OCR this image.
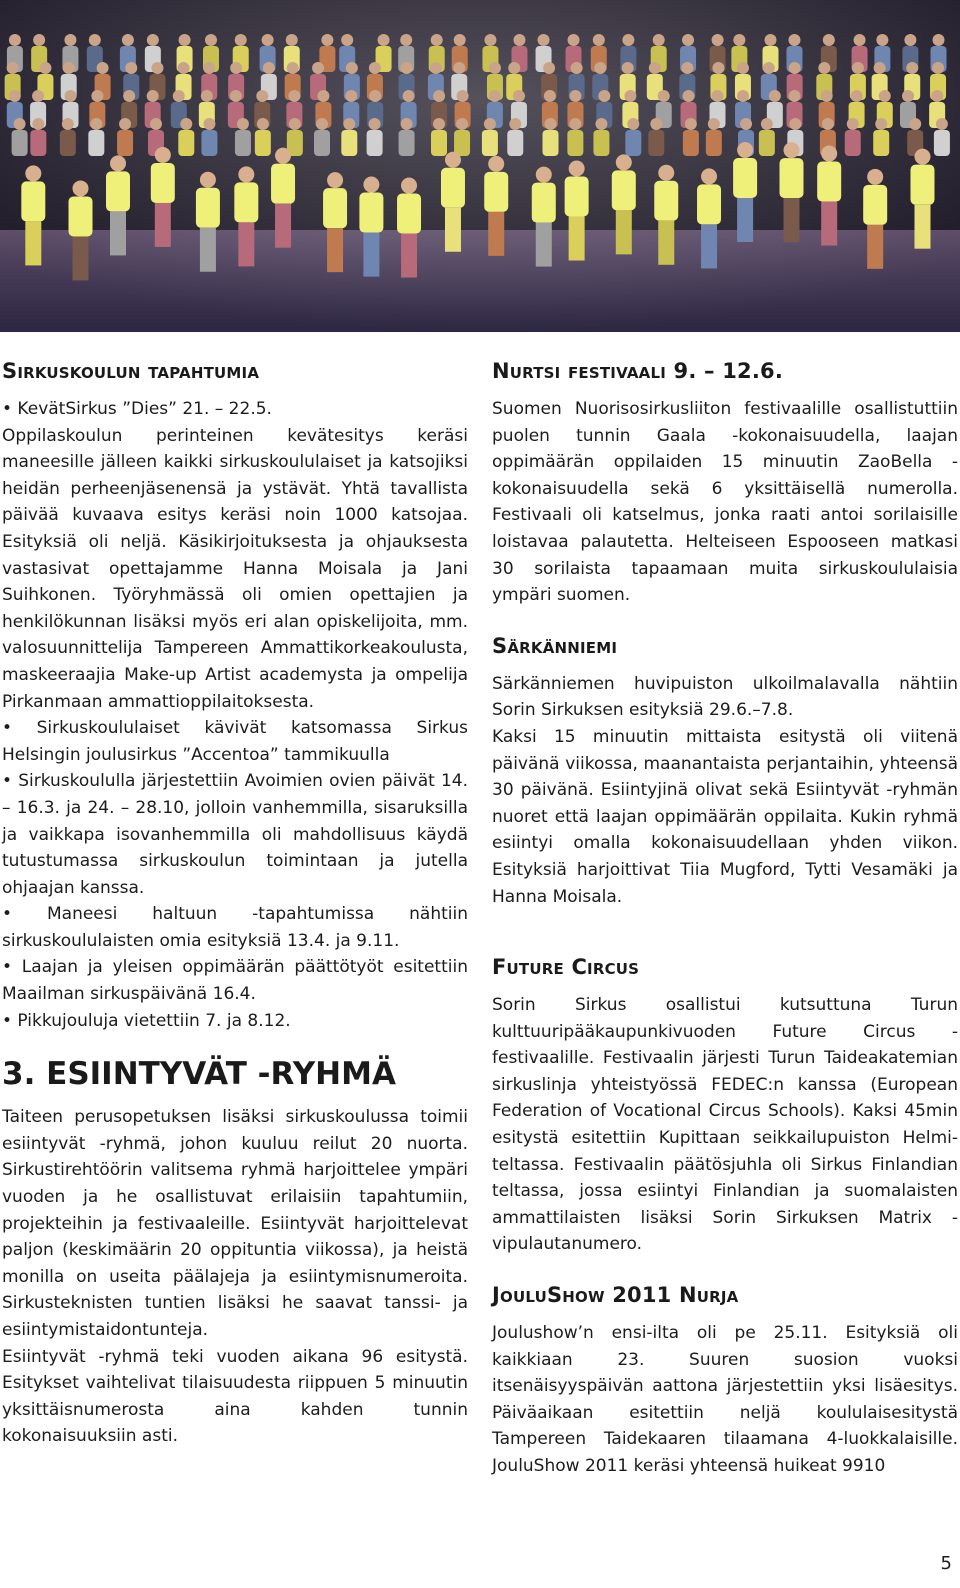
Sirkuskoulun tapahtumia

• KevätSirkus ”Dies” 21. – 22.5.

Oppilaskoulun perinteinen kevätesitys keräsi maneesille jälleen kaikki sirkuskoululaiset ja katsojiksi heidän perheenjäsenensä ja ystävät. Yhtä tavallista päivää kuvaava esitys keräsi noin 1000 katsojaa. Esityksiä oli neljä. Käsikirjoituksesta ja ohjauksesta vastasivat opettajamme Hanna Moisala ja Jani Suihkonen. Työryhmässä oli omien opettajien ja henkilökunnan lisäksi myös eri alan opiskelijoita, mm. valosuunnittelija Tampereen Ammattikorkeakoulusta, maskeeraajia Make-up Artist academysta ja ompelija Pirkanmaan ammattioppilaitoksesta.

• Sirkuskoululaiset kävivät katsomassa Sirkus Helsingin joulusirkus ”Accentoa” tammikuulla

• Sirkuskoululla järjestettiin Avoimien ovien päivät 14. – 16.3. ja 24. – 28.10, jolloin vanhemmilla, sisaruksilla ja vaikkapa isovanhemmilla oli mahdollisuus käydä tutustumassa sirkuskoulun toimintaan ja jutella ohjaajan kanssa.

• Maneesi haltuun -tapahtumissa nähtiin sirkuskoululaisten omia esityksiä 13.4. ja 9.11.

• Laajan ja yleisen oppimäärän päättötyöt esitettiin Maailman sirkuspäivänä 16.4.

• Pikkujouluja vietettiin 7. ja 8.12.

3. ESIINTYVÄT -RYHMÄ

Taiteen perusopetuksen lisäksi sirkuskoulussa toimii esiintyvät -ryhmä, johon kuuluu reilut 20 nuorta. Sirkustirehtöörin valitsema ryhmä harjoittelee ympäri vuoden ja he osallistuvat erilaisiin tapahtumiin, projekteihin ja festivaaleille. Esiintyvät harjoittelevat paljon (keskimäärin 20 oppituntia viikossa), ja heistä monilla on useita päälajeja ja esiintymisnumeroita. Sirkusteknisten tuntien lisäksi he saavat tanssi- ja esiintymistaidontunteja.

Esiintyvät -ryhmä teki vuoden aikana 96 esitystä. Esitykset vaihtelivat tilaisuudesta riippuen 5 minuutin yksittäisnumerosta aina kahden tunnin kokonaisuuksiin asti.

Nurtsi festivaali 9. – 12.6.

Suomen Nuorisosirkusliiton festivaalille osallistuttiin puolen tunnin Gaala -kokonaisuudella, laajan oppimäärän oppilaiden 15 minuutin ZaoBella -kokonaisuudella sekä 6 yksittäisellä numerolla. Festivaali oli katselmus, jonka raati antoi sorilaisille loistavaa palautetta. Helteiseen Espooseen matkasi 30 sorilaista tapaamaan muita sirkuskoululaisia ympäri suomen.

Särkänniemi

Särkänniemen huvipuiston ulkoilmalavalla nähtiin Sorin Sirkuksen esityksiä 29.6.–7.8.

Kaksi 15 minuutin mittaista esitystä oli viitenä päivänä viikossa, maanantaista perjantaihin, yhteensä 30 päivänä. Esiintyjinä olivat sekä Esiintyvät -ryhmän nuoret että laajan oppimäärän oppilaita. Kukin ryhmä esiintyi omalla kokonaisuudellaan yhden viikon. Esityksiä harjoittivat Tiia Mugford, Tytti Vesamäki ja Hanna Moisala.

Future Circus

Sorin Sirkus osallistui kutsuttuna Turun kulttuuripääkaupunkivuoden Future Circus - festivaalille. Festivaalin järjesti Turun Taideakatemian sirkuslinja yhteistyössä FEDEC:n kanssa (European Federation of Vocational Circus Schools). Kaksi 45min esitystä esitettiin Kupittaan seikkailupuiston Helmi-teltassa. Festivaalin päätösjuhla oli Sirkus Finlandian teltassa, jossa esiintyi Finlandian ja suomalaisten ammattilaisten lisäksi Sorin Sirkuksen Matrix -vipulautanumero.

JouluShow 2011 Nurja

Joulushow’n ensi-ilta oli pe 25.11. Esityksiä oli kaikkiaan 23. Suuren suosion vuoksi itsenäisyyspäivän aattona järjestettiin yksi lisäesitys. Päiväaikaan esitettiin neljä koululaisesitystä Tampereen Taidekaaren tilaamana 4-luokkalaisille. JouluShow 2011 keräsi yhteensä huikeat 9910

5
